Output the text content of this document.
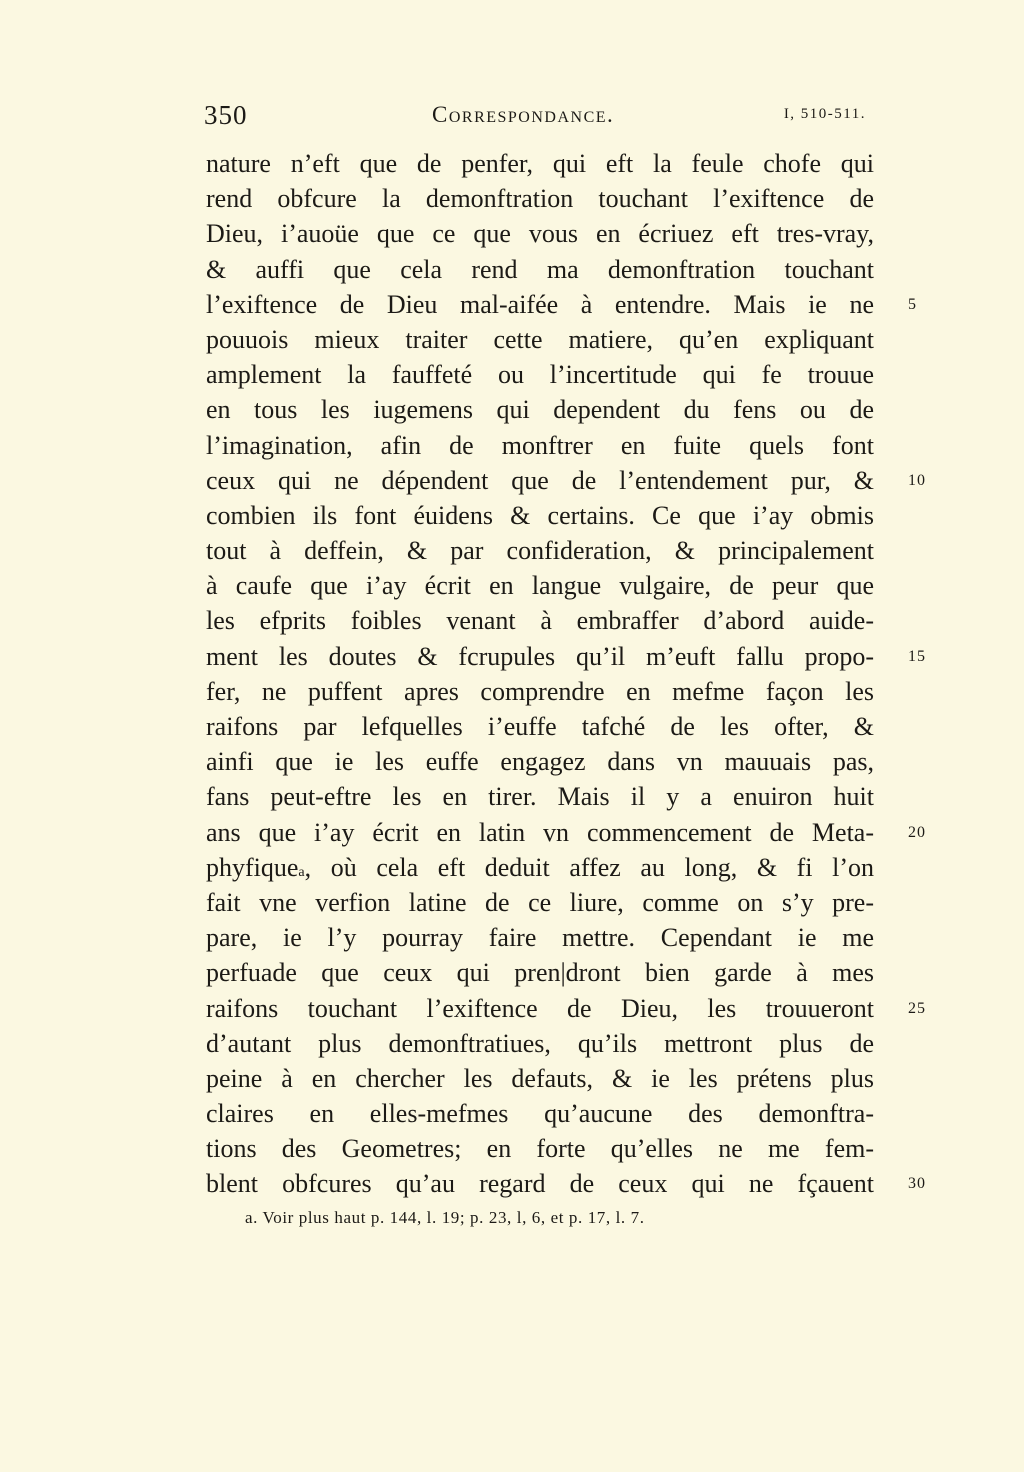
350	Correspondance.	I, 510-511.
nature n’eft que de penfer, qui eft la feule chofe qui
rend obfcure la demonftration touchant l’exiftence de
Dieu, i’auoüe que ce que vous en écriuez eft tres-vray,
& auffi que cela rend ma demonftration touchant
l’exiftence de Dieu mal-aifée à entendre. Mais ie ne 5
pouuois mieux traiter cette matiere, qu’en expliquant
amplement la fauffeté ou l’incertitude qui fe trouue
en tous les iugemens qui dependent du fens ou de
l’imagination, afin de monftrer en fuite quels font
ceux qui ne dépendent que de l’entendement pur, & 10
combien ils font éuidens & certains. Ce que i’ay obmis
tout à deffein, & par confideration, & principalement
à caufe que i’ay écrit en langue vulgaire, de peur que
les efprits foibles venant à embraffer d’abord auide-
ment les doutes & fcrupules qu’il m’euft fallu propo- 15
fer, ne puffent apres comprendre en mefme façon les
raifons par lefquelles i’euffe tafché de les ofter, &
ainfi que ie les euffe engagez dans vn mauuais pas,
fans peut-eftre les en tirer. Mais il y a enuiron huit
ans que i’ay écrit en latin vn commencement de Meta- 20
phyfique a , où cela eft deduit affez au long, & fi l’on
fait vne verfion latine de ce liure, comme on s’y pre-
pare, ie l’y pourray faire mettre. Cependant ie me
perfuade que ceux qui pren|dront bien garde à mes
raifons touchant l’exiftence de Dieu, les trouueront 25
d’autant plus demonftratiues, qu’ils mettront plus de
peine à en chercher les defauts, & ie les prétens plus
claires en elles-mefmes qu’aucune des demonftra-
tions des Geometres; en forte qu’elles ne me fem-
blent obfcures qu’au regard de ceux qui ne fçauent 30
a. Voir plus haut p. 144, l. 19; p. 23, l, 6, et p. 17, l. 7.
